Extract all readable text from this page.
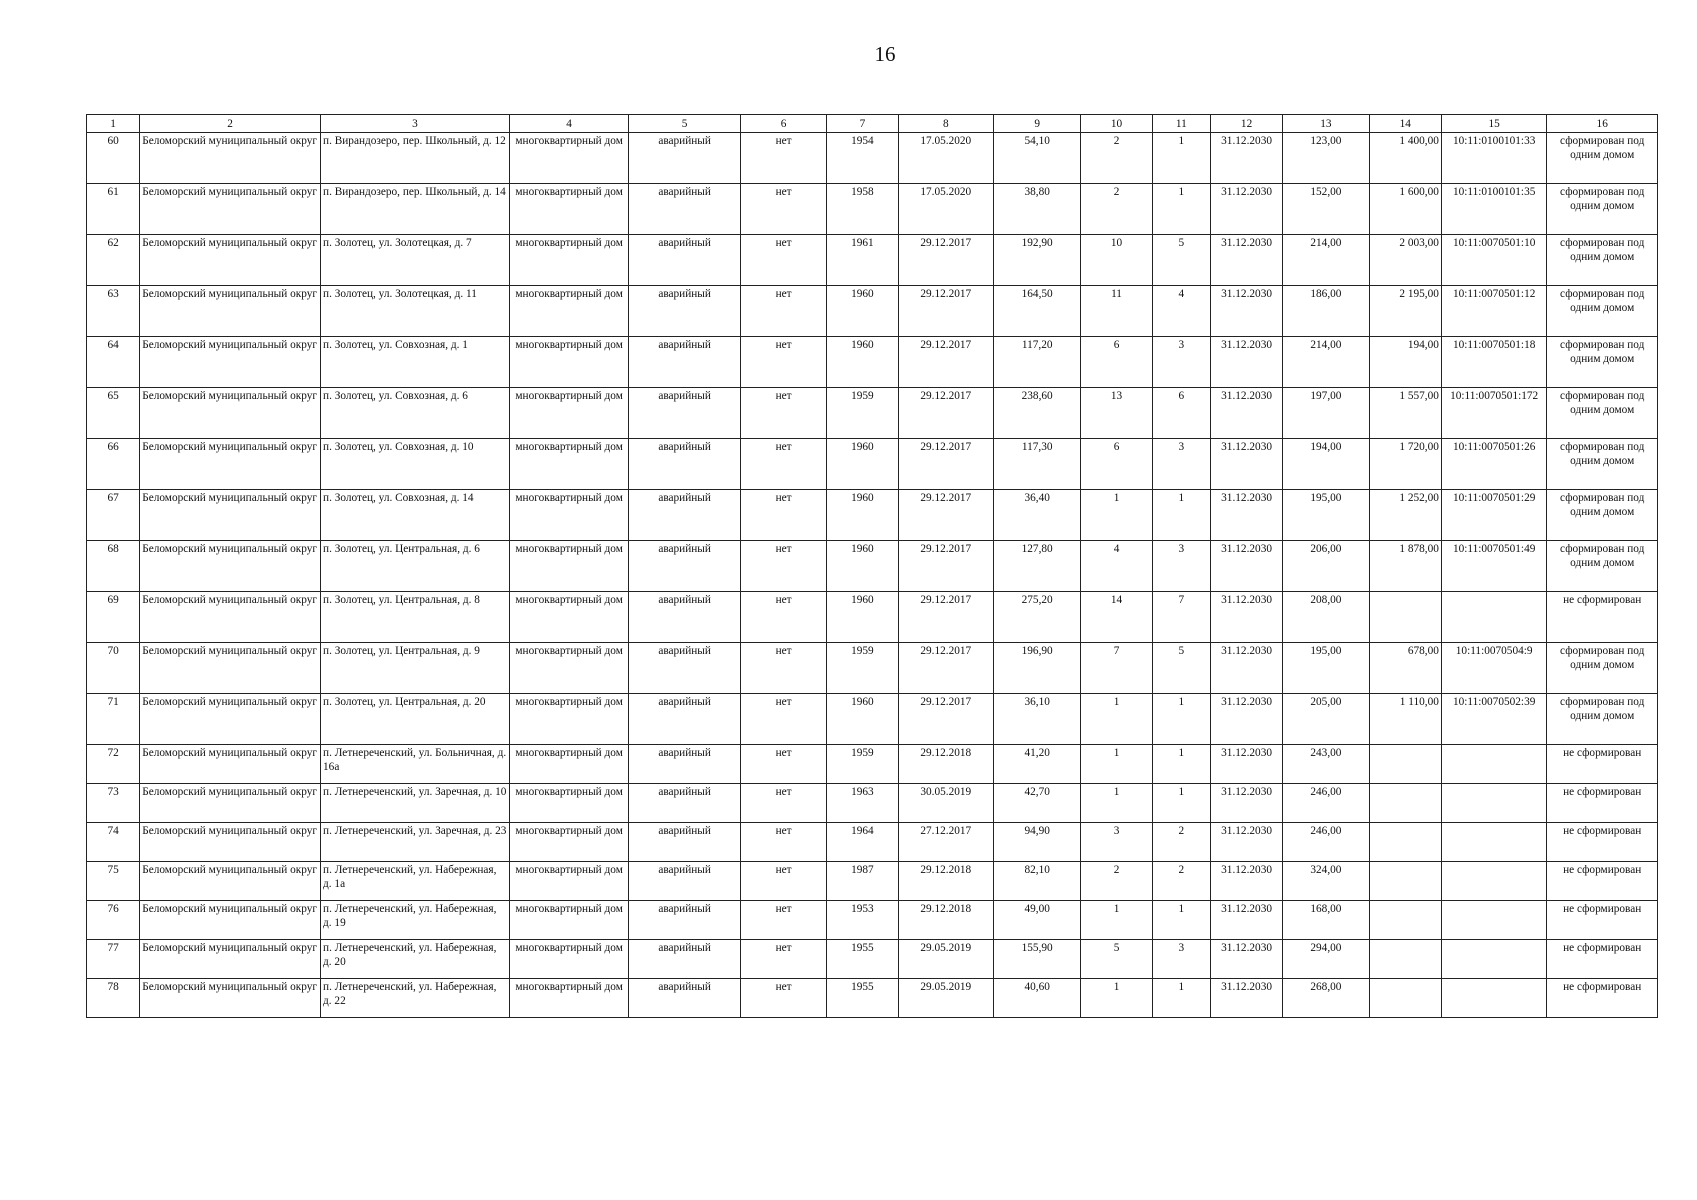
16
1	2	3	4	5	6	7	8	9	10	11	12	13	14	15	16
60	Беломорский муниципальный округ	п. Вирандозеро, пер. Школьный, д. 12	многоквартирный дом	аварийный	нет	1954	17.05.2020	54,10	2	1	31.12.2030	123,00	1 400,00	10:11:0100101:33	сформирован под одним домом
61	Беломорский муниципальный округ	п. Вирандозеро, пер. Школьный, д. 14	многоквартирный дом	аварийный	нет	1958	17.05.2020	38,80	2	1	31.12.2030	152,00	1 600,00	10:11:0100101:35	сформирован под одним домом
62	Беломорский муниципальный округ	п. Золотец, ул. Золотецкая, д. 7	многоквартирный дом	аварийный	нет	1961	29.12.2017	192,90	10	5	31.12.2030	214,00	2 003,00	10:11:0070501:10	сформирован под одним домом
63	Беломорский муниципальный округ	п. Золотец, ул. Золотецкая, д. 11	многоквартирный дом	аварийный	нет	1960	29.12.2017	164,50	11	4	31.12.2030	186,00	2 195,00	10:11:0070501:12	сформирован под одним домом
64	Беломорский муниципальный округ	п. Золотец, ул. Совхозная, д. 1	многоквартирный дом	аварийный	нет	1960	29.12.2017	117,20	6	3	31.12.2030	214,00	194,00	10:11:0070501:18	сформирован под одним домом
65	Беломорский муниципальный округ	п. Золотец, ул. Совхозная, д. 6	многоквартирный дом	аварийный	нет	1959	29.12.2017	238,60	13	6	31.12.2030	197,00	1 557,00	10:11:0070501:172	сформирован под одним домом
66	Беломорский муниципальный округ	п. Золотец, ул. Совхозная, д. 10	многоквартирный дом	аварийный	нет	1960	29.12.2017	117,30	6	3	31.12.2030	194,00	1 720,00	10:11:0070501:26	сформирован под одним домом
67	Беломорский муниципальный округ	п. Золотец, ул. Совхозная, д. 14	многоквартирный дом	аварийный	нет	1960	29.12.2017	36,40	1	1	31.12.2030	195,00	1 252,00	10:11:0070501:29	сформирован под одним домом
68	Беломорский муниципальный округ	п. Золотец, ул. Центральная, д. 6	многоквартирный дом	аварийный	нет	1960	29.12.2017	127,80	4	3	31.12.2030	206,00	1 878,00	10:11:0070501:49	сформирован под одним домом
69	Беломорский муниципальный округ	п. Золотец, ул. Центральная, д. 8	многоквартирный дом	аварийный	нет	1960	29.12.2017	275,20	14	7	31.12.2030	208,00			не сформирован
70	Беломорский муниципальный округ	п. Золотец, ул. Центральная, д. 9	многоквартирный дом	аварийный	нет	1959	29.12.2017	196,90	7	5	31.12.2030	195,00	678,00	10:11:0070504:9	сформирован под одним домом
71	Беломорский муниципальный округ	п. Золотец, ул. Центральная, д. 20	многоквартирный дом	аварийный	нет	1960	29.12.2017	36,10	1	1	31.12.2030	205,00	1 110,00	10:11:0070502:39	сформирован под одним домом
72	Беломорский муниципальный округ	п. Летнереченский, ул. Больничная, д. 16а	многоквартирный дом	аварийный	нет	1959	29.12.2018	41,20	1	1	31.12.2030	243,00			не сформирован
73	Беломорский муниципальный округ	п. Летнереченский, ул. Заречная, д. 10	многоквартирный дом	аварийный	нет	1963	30.05.2019	42,70	1	1	31.12.2030	246,00			не сформирован
74	Беломорский муниципальный округ	п. Летнереченский, ул. Заречная, д. 23	многоквартирный дом	аварийный	нет	1964	27.12.2017	94,90	3	2	31.12.2030	246,00			не сформирован
75	Беломорский муниципальный округ	п. Летнереченский, ул. Набережная, д. 1а	многоквартирный дом	аварийный	нет	1987	29.12.2018	82,10	2	2	31.12.2030	324,00			не сформирован
76	Беломорский муниципальный округ	п. Летнереченский, ул. Набережная, д. 19	многоквартирный дом	аварийный	нет	1953	29.12.2018	49,00	1	1	31.12.2030	168,00			не сформирован
77	Беломорский муниципальный округ	п. Летнереченский, ул. Набережная, д. 20	многоквартирный дом	аварийный	нет	1955	29.05.2019	155,90	5	3	31.12.2030	294,00			не сформирован
78	Беломорский муниципальный округ	п. Летнереченский, ул. Набережная, д. 22	многоквартирный дом	аварийный	нет	1955	29.05.2019	40,60	1	1	31.12.2030	268,00			не сформирован
